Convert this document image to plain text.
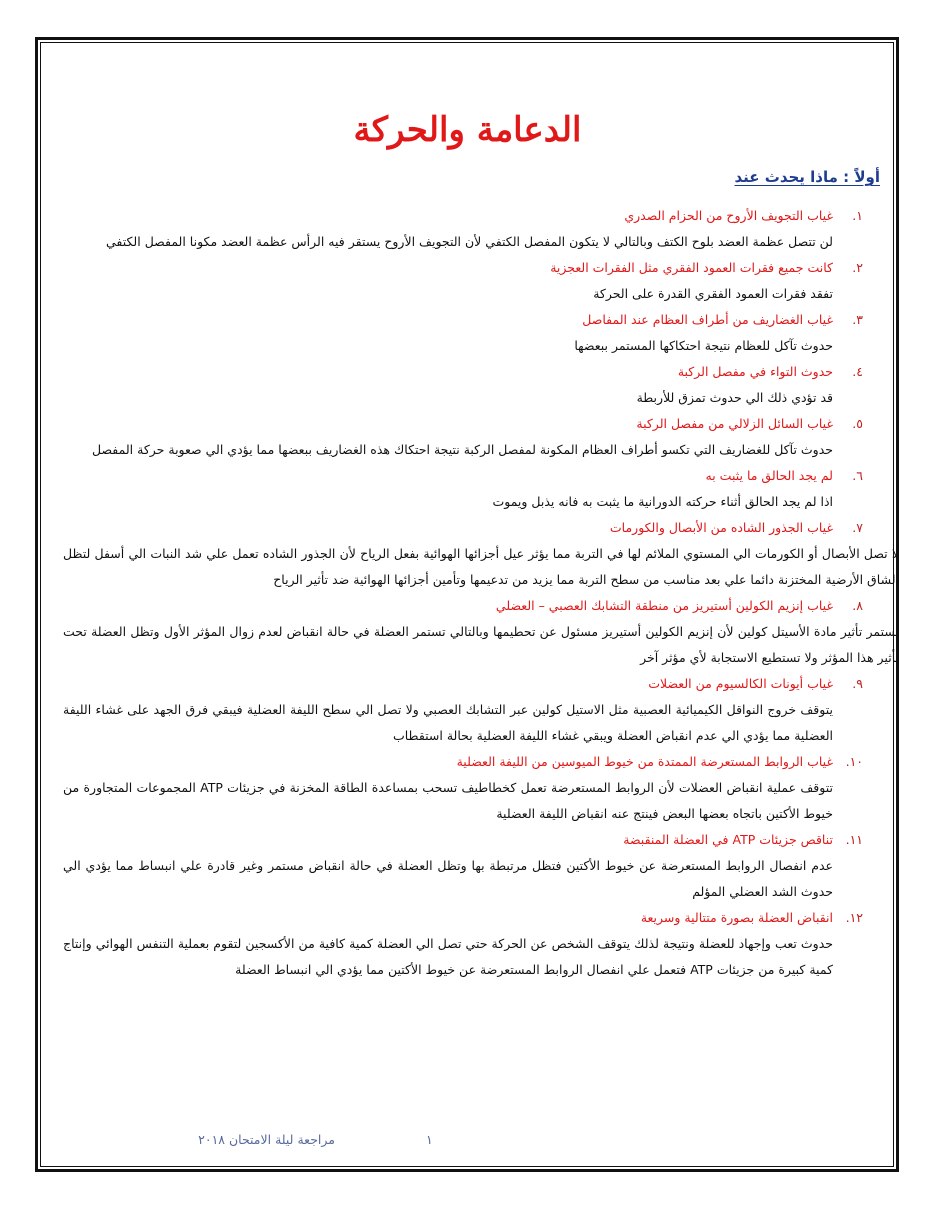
الدعامة والحركة
أولاً : ماذا يحدث عند
١.
غياب التجويف الأروح من الحزام الصدري
لن تتصل عظمة العضد بلوح الكتف وبالتالي لا يتكون المفصل الكتفي لأن التجويف الأروح يستقر فيه الرأس عظمة العضد مكونا المفصل الكتفي
٢.
كانت جميع فقرات العمود الفقري مثل الفقرات العجزية
تفقد فقرات العمود الفقري القدرة على الحركة
٣.
غياب الغضاريف من أطراف العظام عند المفاصل
حدوث تآكل للعظام نتيجة احتكاكها المستمر ببعضها
٤.
حدوث التواء في مفصل الركبة
قد تؤدي ذلك الي حدوث تمزق للأربطة
٥.
غياب السائل الزلالي من مفصل الركبة
حدوث تآكل للغضاريف التي تكسو أطراف العظام المكونة لمفصل الركبة نتيجة احتكاك هذه الغضاريف ببعضها مما يؤدي الي صعوبة حركة المفصل
٦.
لم يجد الحالق ما يثبت به
اذا لم يجد الحالق أثناء حركته الدورانية ما يثبت به فانه يذبل ويموت
٧.
غياب الجذور الشاده من الأبصال والكورمات
لا تصل الأبصال أو الكورمات الي المستوي الملائم لها في التربة مما يؤثر عيل أجزائها الهوائية بفعل الرياح لأن الجذور الشاده تعمل علي شد النبات الي أسفل لتظل الشاق الأرضية المختزنة دائما علي بعد مناسب من سطح التربة مما يزيد من تدعيمها وتأمين أجزائها الهوائية ضد تأثير الرياح
٨.
غياب إنزيم الكولين أستيريز من منطقة التشابك العصبي – العضلي
يستمر تأثير مادة الأسيتل كولين لأن إنزيم الكولين أستيريز مسئول عن تحطيمها وبالتالي تستمر العضلة في حالة انقباض لعدم زوال المؤثر الأول وتظل العضلة تحت تأثير هذا المؤثر ولا تستطيع الاستجابة لأي مؤثر آخر
٩.
غياب أيونات الكالسيوم من العضلات
يتوقف خروج النواقل الكيميائية العصبية مثل الاستيل كولين عبر التشابك العصبي ولا تصل الي سطح الليفة العضلية فيبقي فرق الجهد على غشاء الليفة العضلية مما يؤدي الي عدم انقباض العضلة ويبقي غشاء الليفة العضلية بحالة استقطاب
١٠.
غياب الروابط المستعرضة الممتدة من خيوط الميوسين من الليفة العضلية
تتوقف عملية انقباض العضلات لأن الروابط المستعرضة تعمل كخطاطيف تسحب بمساعدة الطاقة المخزنة في جزيئات ATP المجموعات المتجاورة من خيوط الأكتين باتجاه بعضها البعض فينتج عنه انقباض الليفة العضلية
١١.
تناقص جزيئات ATP في العضلة المنقبضة
عدم انفصال الروابط المستعرضة عن خيوط الأكتين فتظل مرتبطة بها وتظل العضلة في حالة انقباض مستمر وغير قادرة علي انبساط مما يؤدي الي حدوث الشد العضلي المؤلم
١٢.
انقباض العضلة بصورة متتالية وسريعة
حدوث تعب وإجهاد للعضلة ونتيجة لذلك يتوقف الشخص عن الحركة حتي تصل الي العضلة كمية كافية من الأكسجين لتقوم بعملية التنفس الهوائي وإنتاج كمية كبيرة من جزيئات ATP فتعمل علي انفصال الروابط المستعرضة عن خيوط الأكتين مما يؤدي الي انبساط العضلة
مراجعة ليلة الامتحان ٢٠١٨	١
